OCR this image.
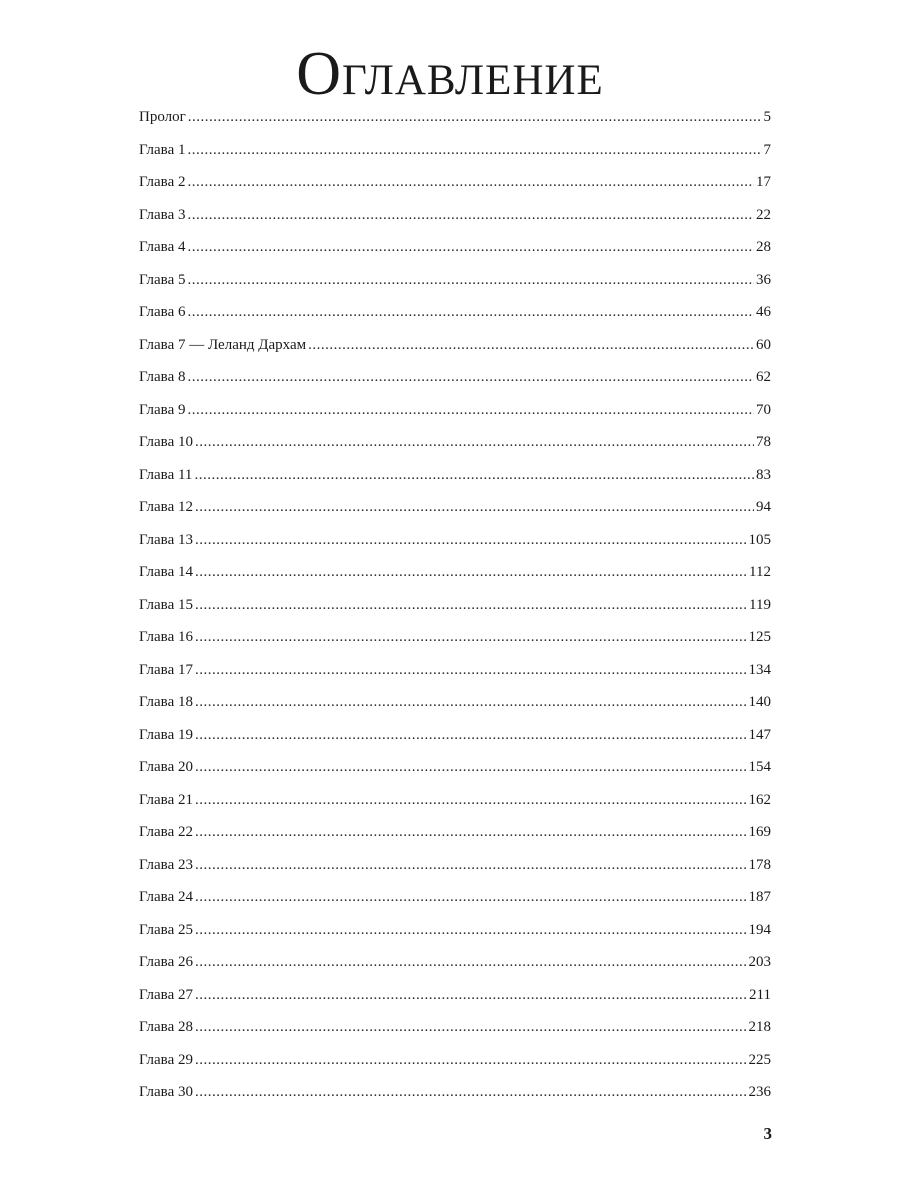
Оглавление
Пролог .....	5
Глава 1 .....	7
Глава 2 .....	17
Глава 3 .....	22
Глава 4 .....	28
Глава 5 .....	36
Глава 6 .....	46
Глава 7 — Леланд Дархам .....	60
Глава 8 .....	62
Глава 9 .....	70
Глава 10 .....	78
Глава 11 .....	83
Глава 12 .....	94
Глава 13 .....	105
Глава 14 .....	112
Глава 15 .....	119
Глава 16 .....	125
Глава 17 .....	134
Глава 18 .....	140
Глава 19 .....	147
Глава 20 .....	154
Глава 21 .....	162
Глава 22 .....	169
Глава 23 .....	178
Глава 24 .....	187
Глава 25 .....	194
Глава 26 .....	203
Глава 27 .....	211
Глава 28 .....	218
Глава 29 .....	225
Глава 30 .....	236
3
